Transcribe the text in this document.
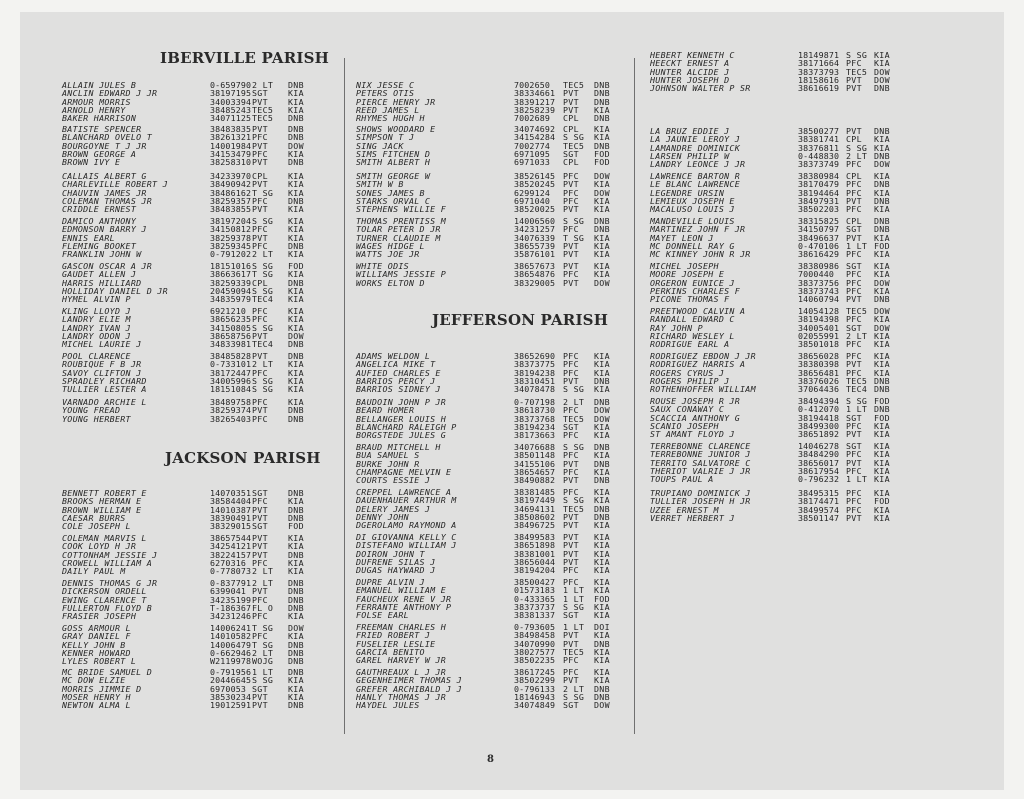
IBERVILLE PARISH
ALLAIN JULES B	0-659790 2 LT DNB
ANCLIN EDWARD J JR	38197195 SGT KIA
ARMOUR MORRIS	34003394 PVT KIA
ARNOLD HENRY	38485243 TEC5 KIA
BAKER HARRISON	34071125 TEC5 DNB
BATISTE SPENCER	38483835 PVT DNB
BLANCHARD OVELO T	38261321 PFC DNB
BOURGOYNE T J JR	14001984 PVT DOW
BROWN GEORGE A	34153479 PFC KIA
BROWN IVY E	38258310 PVT DNB
CALLAIS ALBERT G	34233970 CPL KIA
CHARLEVILLE ROBERT J	38490942 PVT KIA
CHAUVIN JAMES JR	38486162 T SG KIA
COLEMAN THOMAS JR	38259357 PFC DNB
CRIDDLE ERNEST	38483855 PVT KIA
DAMICO ANTHONY	38197204 S SG KIA
EDMONSON BARRY J	34150812 PFC KIA
ENNIS EARL	38259378 PVT KIA
FLEMING BOOKET	38259345 PFC DNB
FRANKLIN JOHN W	0-791202 2 LT KIA
GASCON OSCAR A JR	18151016 S SG FOD
GAUDET ALLEN J	38663617 T SG KIA
HARRIS HILLIARD	38259339 CPL DNB
HOLLIDAY DANIEL D JR	20459094 S SG KIA
HYMEL ALVIN P	34835979 TEC4 KIA
KLING LLOYD J	6921210 PFC KIA
LANDRY ELIE M	38656235 PFC KIA
LANDRY IVAN J	34150805 S SG KIA
LANDRY ODON J	38658756 PVT DOW
MICHEL LAURIE J	34833981 TEC4 DNB
POOL CLARENCE	38485828 PVT DNB
ROUBIQUE F B JR	0-733101 2 LT KIA
SAVOY CLIFTON J	38172447 PFC KIA
SPRADLEY RICHARD	34005996 S SG KIA
TULLIER LESTER A	18151084 S SG KIA
VARNADO ARCHIE L	38489758 PFC KIA
YOUNG FREAD	38259374 PVT DNB
YOUNG HERBERT	38265403 PFC DNB
JACKSON PARISH
BENNETT ROBERT E	14070351 SGT DNB
BROOKS HERMAN E	38584404 PFC KIA
BROWN WILLIAM E	14010387 PVT DNB
CAESAR BURRS	38390491 PVT DNB
COLE JOSEPH L	38329015 SGT FOD
COLEMAN MARVIS L	38657544 PVT KIA
COOK LOYD H JR	34254121 PVT KIA
COTTONHAM JESSIE J	38224157 PVT DNB
CROWELL WILLIAM A	6270316 PFC KIA
DAILY PAUL M	0-778073 2 LT KIA
DENNIS THOMAS G JR	0-837791 2 LT DNB
DICKERSON ORDELL	6399041 PVT DNB
EWING CLARENCE T	34235199 PFC DNB
FULLERTON FLOYD B	T-186367 FL O DNB
FRASIER JOSEPH	34231246 PFC KIA
GOSS ARMOUR L	14006241 T SG DOW
GRAY DANIEL F	14010582 PFC KIA
KELLY JOHN B	14006479 T SG DNB
KENNER HOWARD	0-662946 2 LT DNB
LYLES ROBERT L	W2119978 WOJG DNB
MC BRIDE SAMUEL D	0-791956 1 LT DNB
MC DOW ELZIE	20446645 S SG KIA
MORRIS JIMMIE D	6970053 SGT KIA
MOSER HENRY H	38530234 PVT KIA
NEWTON ALMA L	19012591 PVT DNB
NIX JESSE C	7002650 TEC5 DNB
PETERS OTIS	38334661 PVT DNB
PIERCE HENRY JR	38391217 PVT DNB
REED JAMES L	38258239 PVT KIA
RHYMES HUGH H	7002689 CPL DNB
SHOWS WOODARD E	34074692 CPL KIA
SIMPSON T J	34154284 S SG KIA
SING JACK	7002774 TEC5 DNB
SIMS FITCHEN D	6971095 SGT FOD
SMITH ALBERT H	6971033 CPL FOD
SMITH GEORGE W	38526145 PFC DOW
SMITH W B	38520245 PVT KIA
SONES JAMES B	6299124 PFC DOW
STARKS ORVAL C	6971040 PFC KIA
STEPHENS WILLIE F	38520025 PVT KIA
THOMAS PRENTISS M	14006560 S SG DNB
TOLAR PETER D JR	34231257 PFC DNB
TURNER CLAUDIE M	34076339 T SG KIA
WAGES HIDGE L	38655739 PVT KIA
WATTS JOE JR	35876101 PVT KIA
WHITE ODIS	38657673 PVT KIA
WILLIAMS JESSIE P	38654876 PFC KIA
WORKS ELTON D	38329005 PVT DOW
JEFFERSON PARISH
ADAMS WELDON L	38652690 PFC KIA
ANGELICA MIKE T	38373775 PFC KIA
AUFIED CHARLES E	38194238 PFC KIA
BARRIOS PERCY J	38310451 PVT DNB
BARRIOS SIDNEY J	34078478 S SG KIA
BAUDOIN JOHN P JR	0-707198 2 LT DNB
BEARD HOMER	38618730 PFC DOW
BELLANGER LOUIS H	38373768 TEC5 DOW
BLANCHARD RALEIGH P	38194234 SGT KIA
BORGSTEDE JULES G	38173663 PFC KIA
BRAUD MITCHELL H	34076688 S SG DNB
BUA SAMUEL S	38501148 PFC KIA
BURKE JOHN R	34155106 PVT DNB
CHAMPAGNE MELVIN E	38654657 PFC KIA
COURTS ESSIE J	38490882 PVT DNB
CREPPEL LAWRENCE A	38381485 PFC KIA
DAUENHAUER ARTHUR M	38197449 S SG KIA
DELERY JAMES J	34694131 TEC5 DNB
DENNY JOHN	38508602 PVT DNB
DGEROLAMO RAYMOND A	38496725 PVT KIA
DI GIOVANNA KELLY C	38499583 PVT KIA
DISTEFANO WILLIAM J	38651898 PVT KIA
DOIRON JOHN T	38381001 PVT KIA
DUFRENE SILAS J	38656044 PVT KIA
DUGAS HAYWARD J	38194204 PFC KIA
DUPRE ALVIN J	38500427 PFC KIA
EMANUEL WILLIAM E	01573183 1 LT KIA
FAUCHEUX RENE V JR	0-433365 1 LT FOD
FERRANTE ANTHONY P	38373737 S SG KIA
FOLSE EARL	38381337 SGT KIA
FREEMAN CHARLES H	0-793605 1 LT DOI
FRIED ROBERT J	38498458 PVT KIA
FUSELIER LESLIE	34070990 PVT DNB
GARCIA BENITO	38027577 TEC5 KIA
GAREL HARVEY W JR	38502235 PFC KIA
GAUTHREAUX L J JR	38617245 PFC KIA
GEGENHEIMER THOMAS J	38502299 PVT KIA
GREFER ARCHIBALD J J	0-796133 2 LT DNB
HANLY THOMAS J JR	18146943 S SG DNB
HAYDEL JULES	34074849 SGT DOW
HEBERT KENNETH C	18149871 S SG KIA
HEECKT ERNEST A	38171664 PFC KIA
HUNTER ALCIDE J	38373793 TEC5 DOW
HUNTER JOSEPH D	18158616 PVT DOW
JOHNSON WALTER P SR	38616619 PVT DNB
LA BRUZ EDDIE J	38500277 PVT DNB
LA JAUNIE LEROY J	38381741 CPL KIA
LAMANDRE DOMINICK	38376811 S SG KIA
LARSEN PHILIP W	0-448830 2 LT DNB
LANDRY LEONCE J JR	38373749 PFC DOW
LAWRENCE BARTON R	38380984 CPL KIA
LE BLANC LAWRENCE	38170479 PFC DNB
LEGENDRE URSIN	38194464 PFC KIA
LEMIEUX JOSEPH E	38497931 PVT DNB
MACALUSO LOUIS J	38502203 PFC KIA
MANDEVILLE LOUIS	38315825 CPL DNB
MARTINEZ JOHN F JR	34150797 SGT DNB
MAYET LEON J	38496637 PVT KIA
MC DONNELL RAY G	0-470106 1 LT FOD
MC KINNEY JOHN R JR	38616429 PFC KIA
MICHEL JOSEPH	38380986 SGT KIA
MOORE JOSEPH E	7000440 PFC KIA
ORGERON EUNICE J	38373756 PFC DOW
PERKINS CHARLES F	38373743 PFC KIA
PICONE THOMAS F	14060794 PVT DNB
PREETWOOD CALVIN A	14054128 TEC5 DOW
RANDALL EDWARD C	38194398 PFC KIA
RAY JOHN P	34005401 SGT DOW
RICHARD WESLEY L	02055991 2 LT KIA
RODRIGUE EARL A	38501018 PFC KIA
RODRIGUEZ EBDON J JR	38656028 PFC KIA
RODRIGUEZ HARRIS A	38380398 PVT KIA
ROGERS CYRUS J	38656481 PFC KIA
ROGERS PHILIP J	38376026 TEC5 DNB
ROTHENHOFFER WILLIAM	37064436 TEC4 DNB
ROUSE JOSEPH R JR	38494394 S SG FOD
SAUX CONAWAY C	0-412070 1 LT DNB
SCACCIA ANTHONY G	38194418 SGT FOD
SCANIO JOSEPH	38499300 PFC KIA
ST AMANT FLOYD J	38651892 PVT KIA
TERREBONNE CLARENCE	14046278 SGT KIA
TERREBONNE JUNIOR J	38484290 PFC KIA
TERRITO SALVATORE C	38656017 PVT KIA
THERIOT VALRIE J JR	38617954 PFC KIA
TOUPS PAUL A	0-796232 1 LT KIA
TRUPIANO DOMINICK J	38495315 PFC KIA
TULLIER JOSEPH H JR	38174471 PFC FOD
UZEE ERNEST M	38499574 PFC KIA
VERRET HERBERT J	38501147 PVT KIA
8
